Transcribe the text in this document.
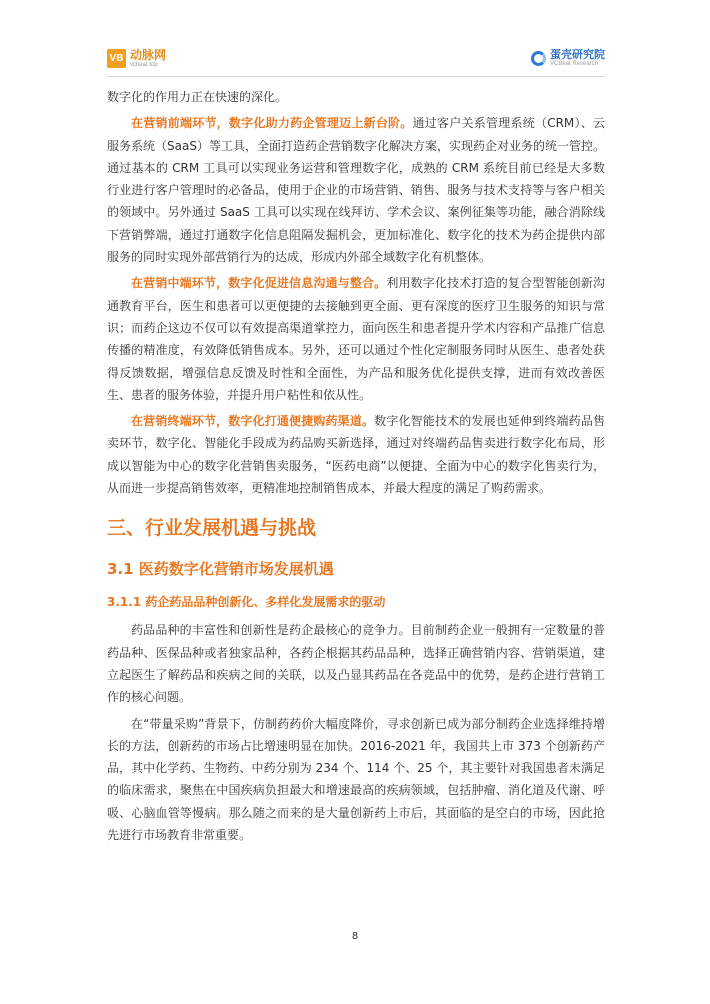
VB 动脉网
vcbeat.top
蛋壳研究院
VCBeat Research

数字化的作用力正在快速的深化。

在营销前端环节，数字化助力药企管理迈上新台阶。通过客户关系管理系统（CRM）、云服务系统（SaaS）等工具，全面打造药企营销数字化解决方案，实现药企对业务的统一管控。通过基本的 CRM 工具可以实现业务运营和管理数字化，成熟的 CRM 系统目前已经是大多数行业进行客户管理时的必备品，使用于企业的市场营销、销售、服务与技术支持等与客户相关的领域中。另外通过 SaaS 工具可以实现在线拜访、学术会议、案例征集等功能，融合消除线下营销弊端，通过打通数字化信息阻隔发掘机会，更加标准化、数字化的技术为药企提供内部服务的同时实现外部营销行为的达成，形成内外部全域数字化有机整体。

在营销中端环节，数字化促进信息沟通与整合。利用数字化技术打造的复合型智能创新沟通教育平台，医生和患者可以更便捷的去接触到更全面、更有深度的医疗卫生服务的知识与常识；而药企这边不仅可以有效提高渠道掌控力，面向医生和患者提升学术内容和产品推广信息传播的精准度，有效降低销售成本。另外，还可以通过个性化定制服务同时从医生、患者处获得反馈数据，增强信息反馈及时性和全面性，为产品和服务优化提供支撑，进而有效改善医生、患者的服务体验，并提升用户粘性和依从性。

在营销终端环节，数字化打通便捷购药渠道。数字化智能技术的发展也延伸到终端药品售卖环节，数字化、智能化手段成为药品购买新选择，通过对终端药品售卖进行数字化布局，形成以智能为中心的数字化营销售卖服务，“医药电商”以便捷、全面为中心的数字化售卖行为，从而进一步提高销售效率，更精准地控制销售成本，并最大程度的满足了购药需求。

三、行业发展机遇与挑战
3.1 医药数字化营销市场发展机遇
3.1.1 药企药品品种创新化、多样化发展需求的驱动

药品品种的丰富性和创新性是药企最核心的竞争力。目前制药企业一般拥有一定数量的普药品种、医保品种或者独家品种，各药企根据其药品品种，选择正确营销内容、营销渠道，建立起医生了解药品和疾病之间的关联，以及凸显其药品在各竞品中的优势，是药企进行营销工作的核心问题。

在“带量采购”背景下，仿制药药价大幅度降价，寻求创新已成为部分制药企业选择维持增长的方法，创新药的市场占比增速明显在加快。2016-2021 年，我国共上市 373 个创新药产品，其中化学药、生物药、中药分别为 234 个、114 个、25 个，其主要针对我国患者未满足的临床需求，聚焦在中国疾病负担最大和增速最高的疾病领域，包括肿瘤、消化道及代谢、呼吸、心脑血管等慢病。那么随之而来的是大量创新药上市后，其面临的是空白的市场，因此抢先进行市场教育非常重要。

8
